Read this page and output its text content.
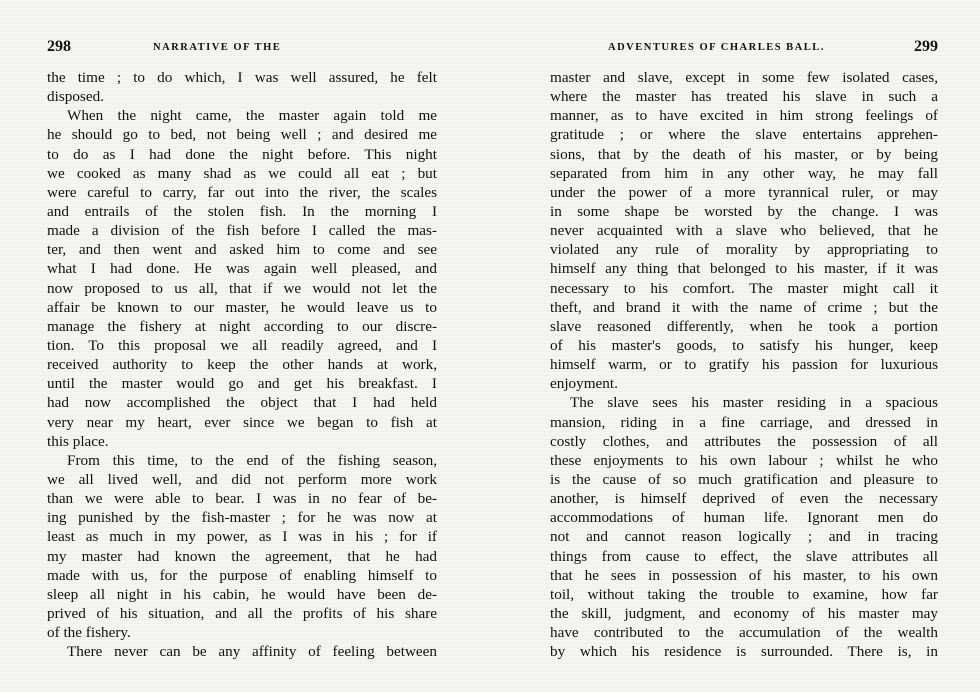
298	NARRATIVE OF THE
the time ; to do which, I was well assured, he felt
disposed.
When the night came, the master again told me
he should go to bed, not being well ; and desired me
to do as I had done the night before. This night
we cooked as many shad as we could all eat ; but
were careful to carry, far out into the river, the scales
and entrails of the stolen fish. In the morning I
made a division of the fish before I called the mas-
ter, and then went and asked him to come and see
what I had done. He was again well pleased, and
now proposed to us all, that if we would not let the
affair be known to our master, he would leave us to
manage the fishery at night according to our discre-
tion. To this proposal we all readily agreed, and I
received authority to keep the other hands at work,
until the master would go and get his breakfast. I
had now accomplished the object that I had held
very near my heart, ever since we began to fish at
this place.
From this time, to the end of the fishing season,
we all lived well, and did not perform more work
than we were able to bear. I was in no fear of be-
ing punished by the fish-master ; for he was now at
least as much in my power, as I was in his ; for if
my master had known the agreement, that he had
made with us, for the purpose of enabling himself to
sleep all night in his cabin, he would have been de-
prived of his situation, and all the profits of his share
of the fishery.
There never can be any affinity of feeling between
ADVENTURES OF CHARLES BALL.	299
master and slave, except in some few isolated cases,
where the master has treated his slave in such a
manner, as to have excited in him strong feelings of
gratitude ; or where the slave entertains apprehen-
sions, that by the death of his master, or by being
separated from him in any other way, he may fall
under the power of a more tyrannical ruler, or may
in some shape be worsted by the change. I was
never acquainted with a slave who believed, that he
violated any rule of morality by appropriating to
himself any thing that belonged to his master, if it was
necessary to his comfort. The master might call it
theft, and brand it with the name of crime ; but the
slave reasoned differently, when he took a portion
of his master's goods, to satisfy his hunger, keep
himself warm, or to gratify his passion for luxurious
enjoyment.
The slave sees his master residing in a spacious
mansion, riding in a fine carriage, and dressed in
costly clothes, and attributes the possession of all
these enjoyments to his own labour ; whilst he who
is the cause of so much gratification and pleasure to
another, is himself deprived of even the necessary
accommodations of human life. Ignorant men do
not and cannot reason logically ; and in tracing
things from cause to effect, the slave attributes all
that he sees in possession of his master, to his own
toil, without taking the trouble to examine, how far
the skill, judgment, and economy of his master may
have contributed to the accumulation of the wealth
by which his residence is surrounded. There is, in
